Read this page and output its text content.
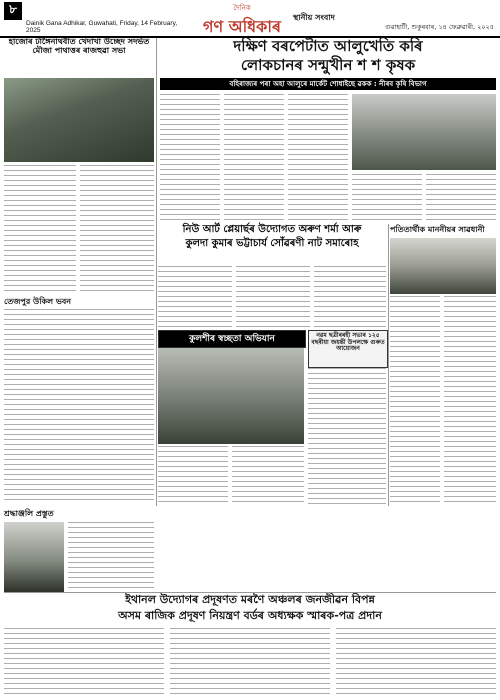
৮
Dainik Gana Adhikar, Guwahati, Friday, 14 February, 2025
দৈনিক
গণ অধিকাৰ	স্থানীয় সংবাদ
গুৱাহাটী, শুকুৰবাৰ, ১৪ ফেব্ৰুৱাৰী, ২০২৫
হাজোৰ টাঙ্গৈনাথবীত খেদাখা উচ্ছেদ সদৰ্ভত মৌজা পাথাত্তৰ ৰাজহুৱা সভা	দক্ষিণ বৰপেটাত আলুখেতি কৰি
লোকচানৰ সন্মুখীন শ শ কৃষক
বহিৰাজ্যৰ পৰা অহা আলুৰে মাৰ্কেট শোধাইছে ৱকক : নীৰব কৃষি বিভাগ
তেজপুর উকিল ভবন
নিউ আৰ্ট প্লেয়াৰ্ছৰ উদ্যোগত অৰুণ শৰ্মা আৰু
কুলদা কুমাৰ ভট্টাচাৰ্য সোঁৱৰণী নাট সমাৰোহ
কুলশীৰ স্বচ্ছতা অভিযান	নৱম ছত্ৰীৰৰহী সভাৰ ১২৫ বছৰীয়া জয়ন্তী উপলক্ষে গুৰুত আয়োজন
পতিতাৰ্থীক মাননীয়ৰ সাৱধানী
শ্ৰদ্ধাঞ্জলি প্ৰস্তুত
ইথানল উদ্যোগৰ প্ৰদূষণত মৰণৈ অঞ্চলৰ জনজীৱন বিপন্ন
অসম ৰাজিক প্ৰদূষণ নিয়ন্ত্ৰণ বৰ্ডৰ অধ্যক্ষক স্মাৰক-পত্ৰ প্ৰদান
